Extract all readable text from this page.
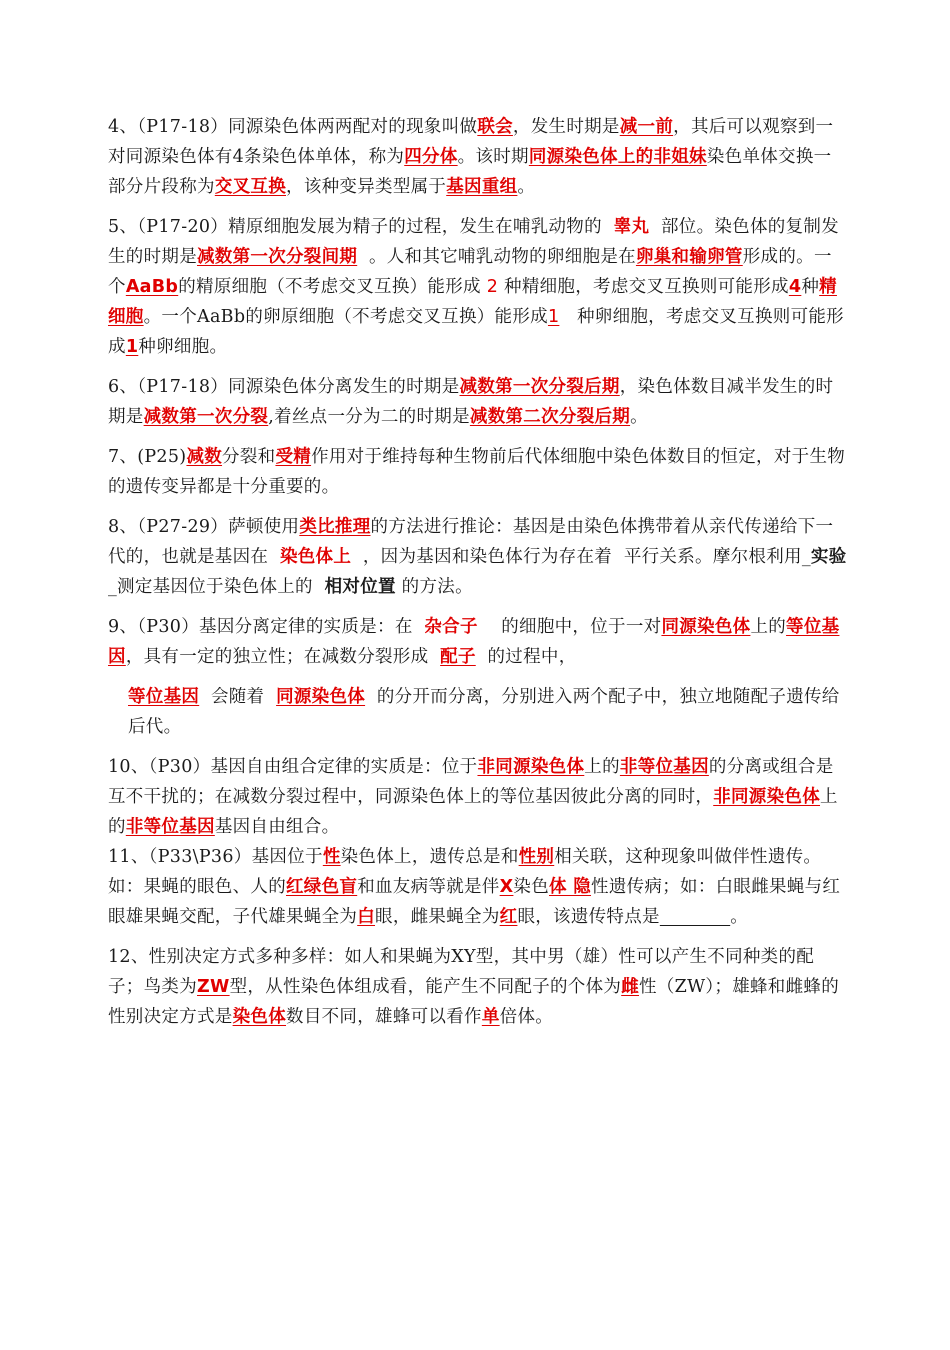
4、（P17-18）同源染色体两两配对的现象叫做联会，发生时期是减一前，其后可以观察到一对同源染色体有4条染色体单体，称为四分体。该时期同源染色体上的非姐妹染色单体交换一部分片段称为交叉互换，该种变异类型属于基因重组。

5、（P17-20）精原细胞发展为精子的过程，发生在哺乳动物的 睾丸 部位。染色体的复制发生的时期是减数第一次分裂间期 。人和其它哺乳动物的卵细胞是在卵巢和输卵管形成的。一个AaBb的精原细胞（不考虑交叉互换）能形成 2 种精细胞，考虑交叉互换则可能形成4种精细胞。一个AaBb的卵原细胞（不考虑交叉互换）能形成1 种卵细胞，考虑交叉互换则可能形成1种卵细胞。

6、（P17-18）同源染色体分离发生的时期是减数第一次分裂后期，染色体数目减半发生的时期是减数第一次分裂,着丝点一分为二的时期是减数第二次分裂后期。

7、(P25)减数分裂和受精作用对于维持每种生物前后代体细胞中染色体数目的恒定，对于生物的遗传变异都是十分重要的。

8、（P27-29）萨顿使用类比推理的方法进行推论：基因是由染色体携带着从亲代传递给下一代的，也就是基因在 染色体上 ，因为基因和染色体行为存在着 平行关系。摩尔根利用_实验_测定基因位于染色体上的 相对位置 的方法。

9、（P30）基因分离定律的实质是：在 杂合子 的细胞中，位于一对同源染色体上的等位基因，具有一定的独立性；在减数分裂形成 配子 的过程中，

等位基因 会随着 同源染色体 的分开而分离，分别进入两个配子中，独立地随配子遗传给后代。

10、（P30）基因自由组合定律的实质是：位于非同源染色体上的非等位基因的分离或组合是互不干扰的；在减数分裂过程中，同源染色体上的等位基因彼此分离的同时，非同源染色体上的非等位基因基因自由组合。

11、（P33\P36）基因位于性染色体上，遗传总是和性别相关联，这种现象叫做伴性遗传。如：果蝇的眼色、人的红绿色盲和血友病等就是伴X染色体 隐性遗传病；如：白眼雌果蝇与红眼雄果蝇交配，子代雄果蝇全为白眼，雌果蝇全为红眼，该遗传特点是	。

12、性别决定方式多种多样：如人和果蝇为XY型，其中男（雄）性可以产生不同种类的配子；鸟类为ZW型，从性染色体组成看，能产生不同配子的个体为雌性（ZW）；雄蜂和雌蜂的性别决定方式是染色体数目不同，雄蜂可以看作单倍体。
